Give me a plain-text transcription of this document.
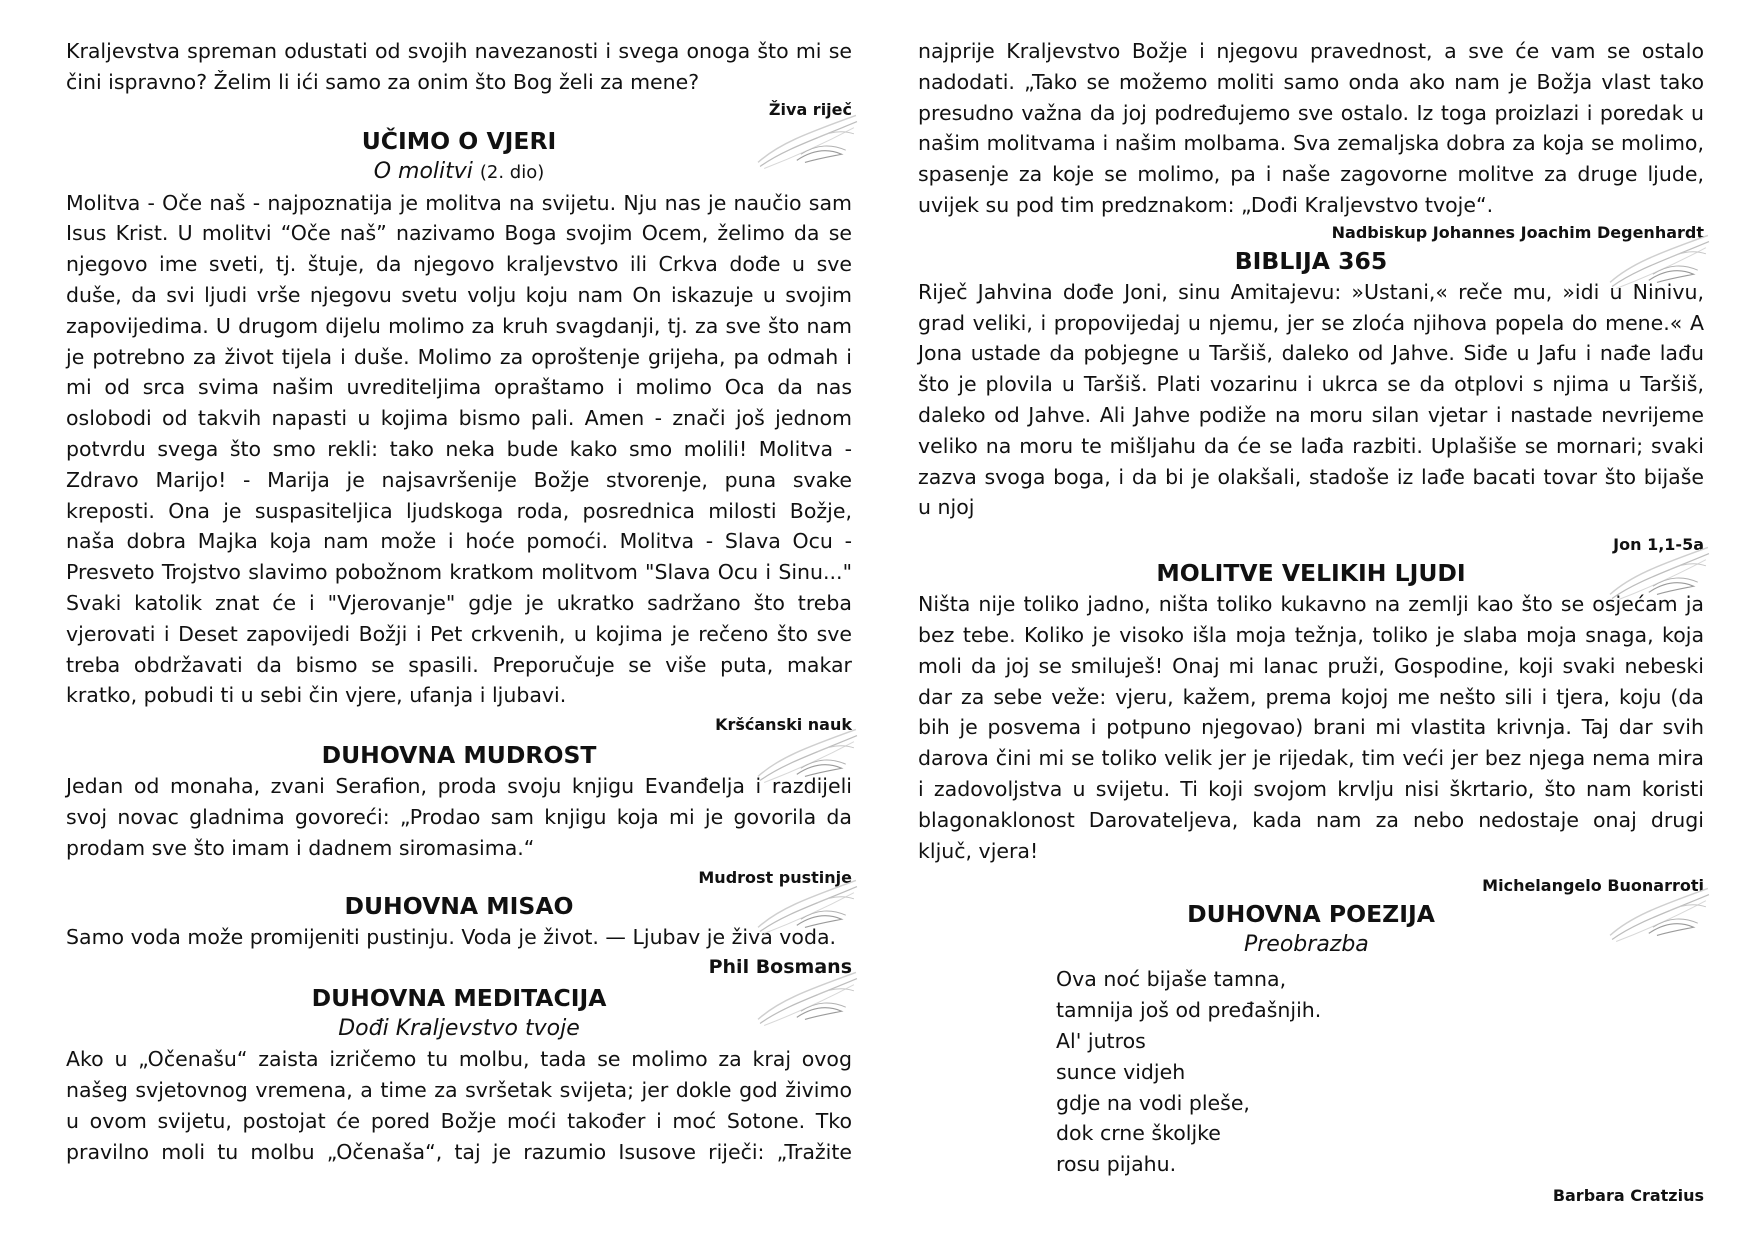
Kraljevstva spreman odustati od svojih navezanosti i svega onoga što mi se čini ispravno? Želim li ići samo za onim što Bog želi za mene?

Živa riječ
UČIMO O VJERI
O molitvi (2. dio)

Molitva - Oče naš - najpoznatija je molitva na svijetu. Nju nas je naučio sam Isus Krist. U molitvi “Oče naš” nazivamo Boga svojim Ocem, želimo da se njegovo ime sveti, tj. štuje, da njegovo kraljevstvo ili Crkva dođe u sve duše, da svi ljudi vrše njegovu svetu volju koju nam On iskazuje u svojim zapovijedima. U drugom dijelu molimo za kruh svagdanji, tj. za sve što nam je potrebno za život tijela i duše. Molimo za oproštenje grijeha, pa odmah i mi od srca svima našim uvrediteljima opraštamo i molimo Oca da nas oslobodi od takvih napasti u kojima bismo pali. Amen - znači još jednom potvrdu svega što smo rekli: tako neka bude kako smo molili! Molitva - Zdravo Marijo! - Marija je najsavršenije Božje stvorenje, puna svake kreposti. Ona je suspasiteljica ljudskoga roda, posrednica milosti Božje, naša dobra Majka koja nam može i hoće pomoći. Molitva - Slava Ocu - Presveto Trojstvo slavimo pobožnom kratkom molitvom "Slava Ocu i Sinu..." Svaki katolik znat će i "Vjerovanje" gdje je ukratko sadržano što treba vjerovati i Deset zapovijedi Božji i Pet crkvenih, u kojima je rečeno što sve treba obdržavati da bismo se spasili. Preporučuje se više puta, makar kratko, pobudi ti u sebi čin vjere, ufanja i ljubavi.

Kršćanski nauk
DUHOVNA MUDROST

Jedan od monaha, zvani Serafion, proda svoju knjigu Evanđelja i razdijeli svoj novac gladnima govoreći: „Prodao sam knjigu koja mi je govorila da prodam sve što imam i dadnem siromasima.“

Mudrost pustinje
DUHOVNA MISAO

Samo voda može promijeniti pustinju. Voda je život. — Ljubav je živa voda.

Phil Bosmans
DUHOVNA MEDITACIJA
Dođi Kraljevstvo tvoje

Ako u „Očenašu“ zaista izričemo tu molbu, tada se molimo za kraj ovog našeg svjetovnog vremena, a time za svršetak svijeta; jer dokle god živimo u ovom svijetu, postojat će pored Božje moći također i moć Sotone. Tko pravilno moli tu molbu „Očenaša“, taj je razumio Isusove riječi: „Tražite

najprije Kraljevstvo Božje i njegovu pravednost, a sve će vam se ostalo nadodati. „Tako se možemo moliti samo onda ako nam je Božja vlast tako presudno važna da joj podređujemo sve ostalo. Iz toga proizlazi i poredak u našim molitvama i našim molbama. Sva zemaljska dobra za koja se molimo, spasenje za koje se molimo, pa i naše zagovorne molitve za druge ljude, uvijek su pod tim predznakom: „Dođi Kraljevstvo tvoje“.

Nadbiskup Johannes Joachim Degenhardt
BIBLIJA 365

Riječ Jahvina dođe Joni, sinu Amitajevu: »Ustani,« reče mu, »idi u Ninivu, grad veliki, i propovijedaj u njemu, jer se zloća njihova popela do mene.« A Jona ustade da pobjegne u Taršiš, daleko od Jahve. Siđe u Jafu i nađe lađu što je plovila u Taršiš. Plati vozarinu i ukrca se da otplovi s njima u Taršiš, daleko od Jahve. Ali Jahve podiže na moru silan vjetar i nastade nevrijeme veliko na moru te mišljahu da će se lađa razbiti. Uplašiše se mornari; svaki zazva svoga boga, i da bi je olakšali, stadoše iz lađe bacati tovar što bijaše u njoj

Jon 1,1-5a
MOLITVE VELIKIH LJUDI

Ništa nije toliko jadno, ništa toliko kukavno na zemlji kao što se osjećam ja bez tebe. Koliko je visoko išla moja težnja, toliko je slaba moja snaga, koja moli da joj se smiluješ! Onaj mi lanac pruži, Gospodine, koji svaki nebeski dar za sebe veže: vjeru, kažem, prema kojoj me nešto sili i tjera, koju (da bih je posvema i potpuno njegovao) brani mi vlastita krivnja. Taj dar svih darova čini mi se toliko velik jer je rijedak, tim veći jer bez njega nema mira i zadovoljstva u svijetu. Ti koji svojom krvlju nisi škrtario, što nam koristi blagonaklonost Darovateljeva, kada nam za nebo nedostaje onaj drugi ključ, vjera!

Michelangelo Buonarroti
DUHOVNA POEZIJA
Preobrazba
Ova noć bijaše tamna,
tamnija još od pređašnjih.
Al' jutros
sunce vidjeh
gdje na vodi pleše,
dok crne školjke
rosu pijahu.
Barbara Cratzius
